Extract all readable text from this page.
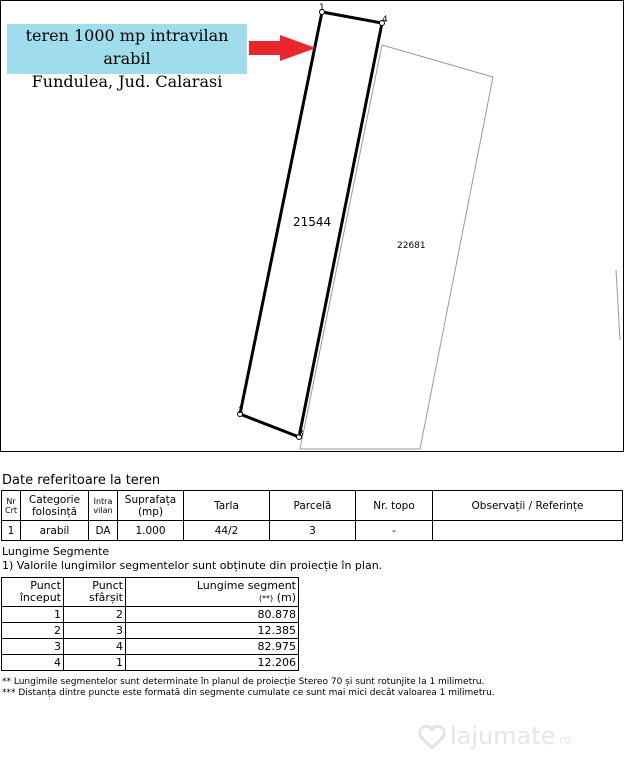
1
2
3
4
21544
22681
teren 1000 mp intravilan arabil
Fundulea, Jud. Calarasi
Date referitoare la teren
Nr Crt	Categorie folosință	Intra vilan	Suprafața (mp)	Tarla	Parcelă	Nr. topo	Observații / Referințe
1	arabil	DA	1.000	44/2	3	-	
Lungime Segmente
1) Valorile lungimilor segmentelor sunt obținute din proiecție în plan.
Punct început	Punct sfârșit	Lungime segment
(**) (m)

1	2	80.878
2	3	12.385
3	4	82.975
4	1	12.206
** Lungimile segmentelor sunt determinate în planul de proiecție Stereo 70 și sunt rotunjite la 1 milimetru.
*** Distanța dintre puncte este formată din segmente cumulate ce sunt mai mici decât valoarea 1 milimetru.
lajumate.ro
